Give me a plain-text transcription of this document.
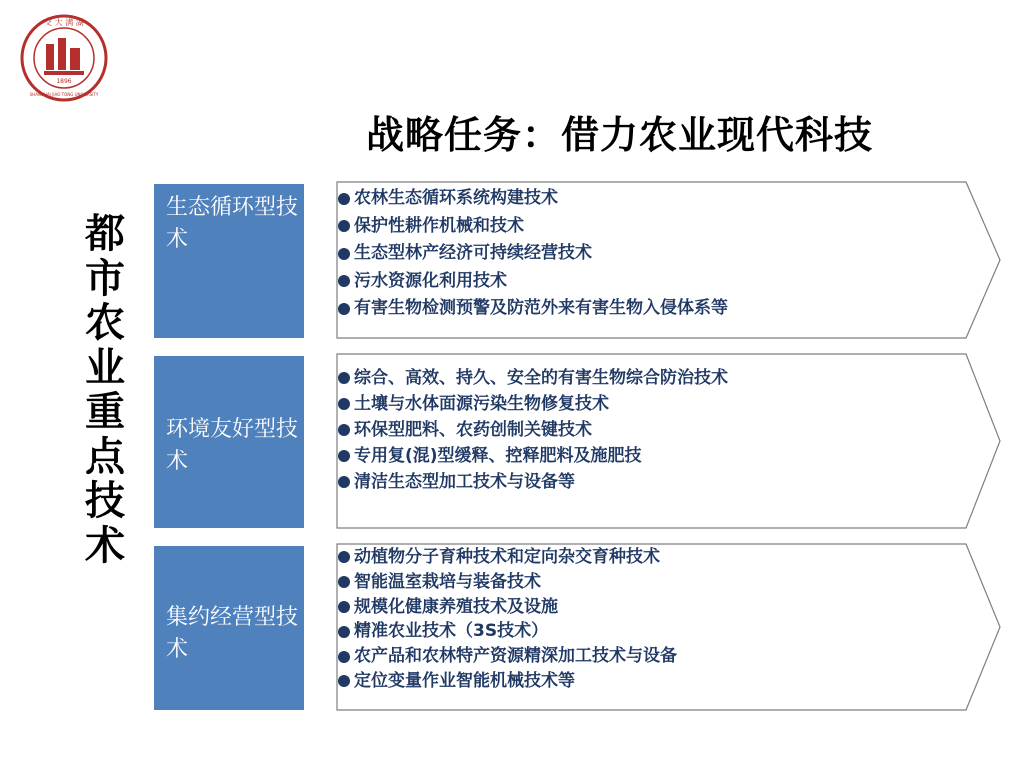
交 大 满 湖
1896
SHANGHAI JIAO TONG UNIVERSITY
战略任务：借力农业现代科技
都市农业重点技术
生态循环型技术
农林生态循环系统构建技术
保护性耕作机械和技术
生态型林产经济可持续经营技术
污水资源化利用技术
有害生物检测预警及防范外来有害生物入侵体系等
环境友好型技术
综合、高效、持久、安全的有害生物综合防治技术
土壤与水体面源污染生物修复技术
环保型肥料、农药创制关键技术
专用复(混)型缓释、控释肥料及施肥技
清洁生态型加工技术与设备等
集约经营型技术
动植物分子育种技术和定向杂交育种技术
智能温室栽培与装备技术
规模化健康养殖技术及设施
精准农业技术（3S技术）
农产品和农林特产资源精深加工技术与设备
定位变量作业智能机械技术等
